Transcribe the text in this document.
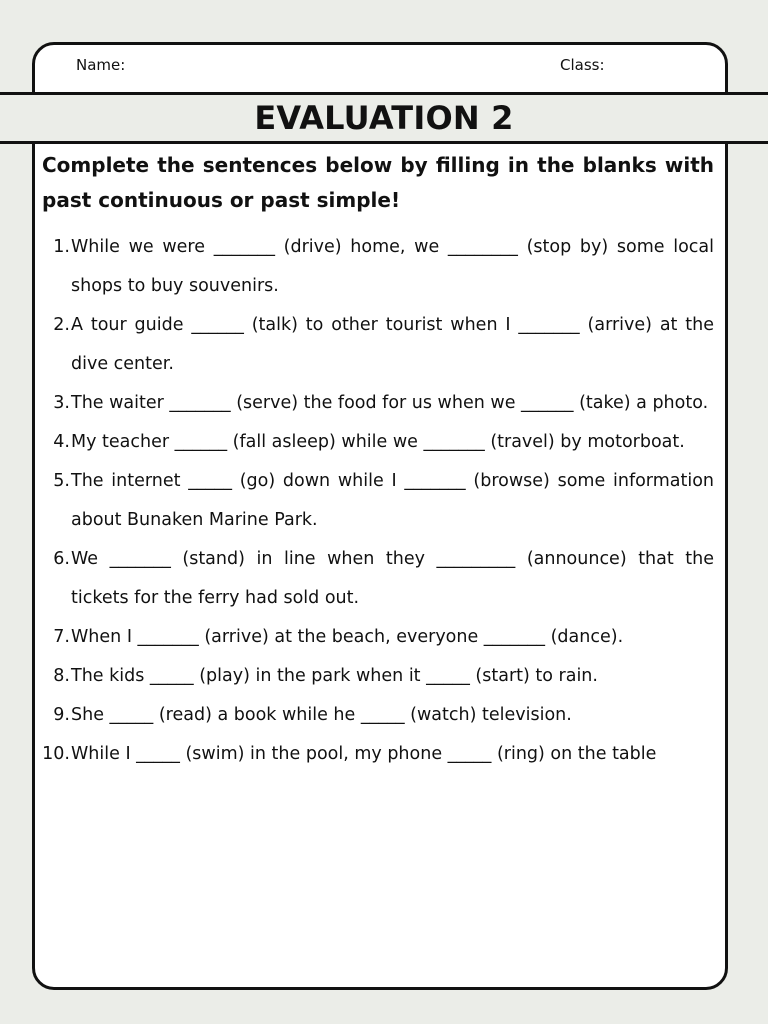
Name:	Class:
EVALUATION 2

Complete the sentences below by filling in the blanks with past continuous or past simple!

1. While we were _______ (drive) home, we ________ (stop by) some local shops to buy souvenirs.
2. A tour guide ______ (talk) to other tourist when I _______ (arrive) at the dive center.
3. The waiter _______ (serve) the food for us when we ______ (take) a photo.
4. My teacher ______ (fall asleep) while we _______ (travel) by motorboat.
5. The internet _____ (go) down while I _______ (browse) some information about Bunaken Marine Park.
6. We _______ (stand) in line when they _________ (announce) that the tickets for the ferry had sold out.
7. When I _______ (arrive) at the beach, everyone _______ (dance).
8. The kids _____ (play) in the park when it _____ (start) to rain.
9. She _____ (read) a book while he _____ (watch) television.
10. While I _____ (swim) in the pool, my phone _____ (ring) on the table
